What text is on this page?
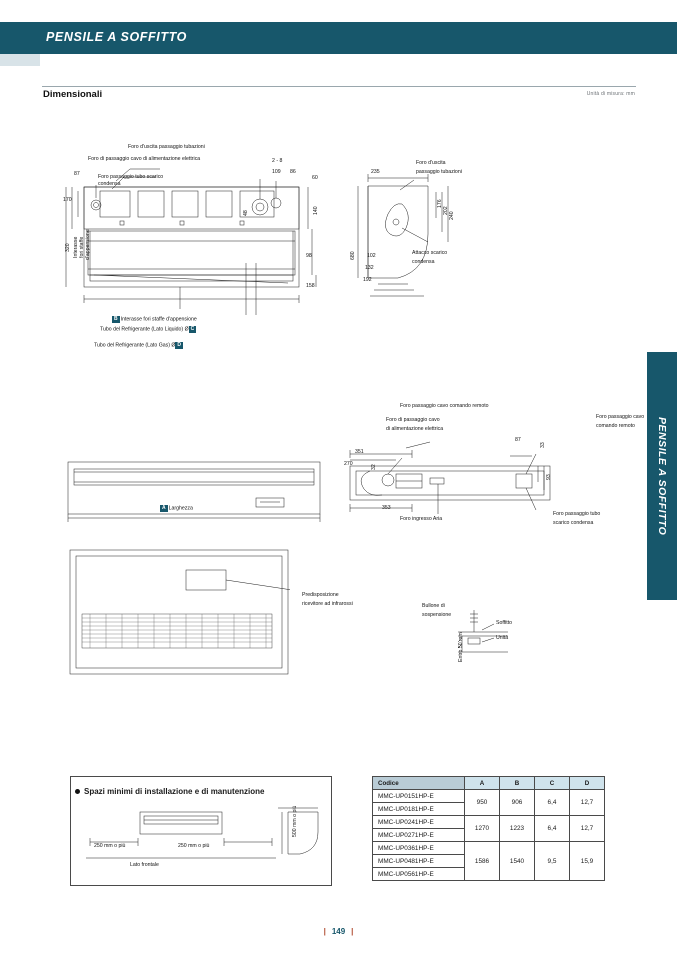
PENSILE A SOFFITTO
PENSILE A SOFFITTO
Dimensionali	Unità di misura: mm
Foro d'uscita passaggio tubazioni
Foro di passaggio cavo di alimentazione elettrica
Foro passaggio tubo scarico condensa
87
170
320
2 - 8
109 86
60
48	140
98
158
Interasse fori staffe d'appensione
B Interasse fori staffe d'appensione
Tubo del Refrigerante (Lato Liquido) Ø C
Tubo del Refrigerante (Lato Gas) Ø D
Foro d'uscita
passaggio tubazioni
Attacco scarico
condensa
235
176
202
240
680 102
132
192
A Larghezza
Foro passaggio cavo comando remoto
Foro di passaggio cavo
di alimentazione elettrica
Foro passaggio cavo
comando remoto
Foro ingresso Aria
Foro passaggio tubo
scarico condensa
351
270
353
87
33
32
93
Predisposizione
ricevitore ad infrarossi	Bullone di
sospensione
Soffitto
Unità
Entro 50 mm
Spazi minimi di installazione e di manutenzione
250 mm o più	250 mm o più
Lato frontale
500 mm o più
Codice	A	B	C	D
MMC-UP0151HP-E	950	906	6,4	12,7
MMC-UP0181HP-E				
MMC-UP0241HP-E	1270	1223	6,4	12,7
MMC-UP0271HP-E				
MMC-UP0361HP-E	1586	1540	9,5	15,9
MMC-UP0481HP-E				
MMC-UP0561HP-E				
| 149 |
